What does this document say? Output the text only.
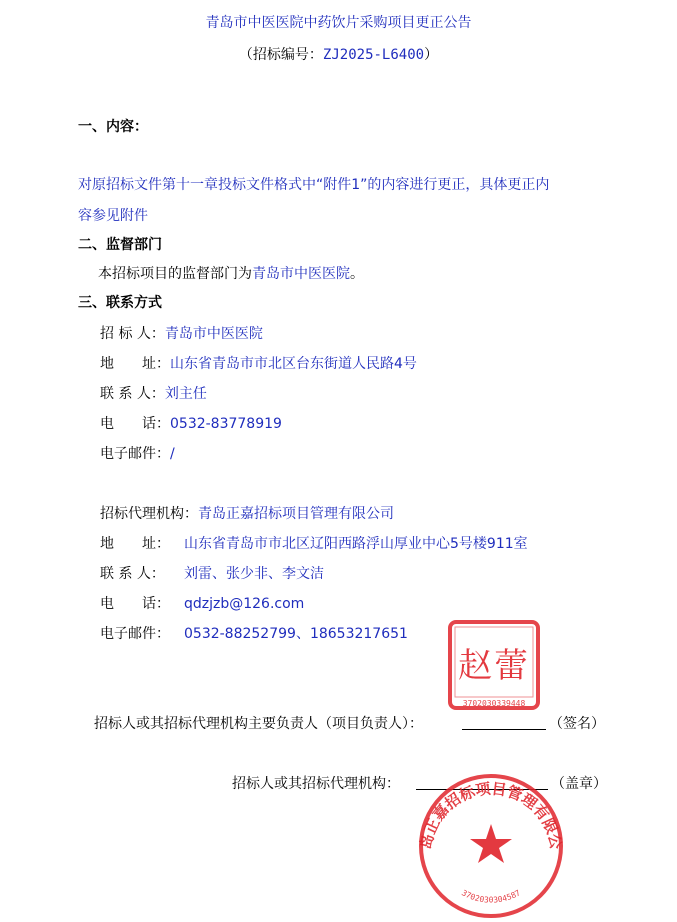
青岛市中医医院中药饮片采购项目更正公告
（招标编号：ZJ2025-L6400）
一、内容：
对原招标文件第十一章投标文件格式中“附件1”的内容进行更正，具体更正内
容参见附件
二、监督部门
本招标项目的监督部门为青岛市中医医院。
三、联系方式
招 标 人：青岛市中医医院
地　　址：山东省青岛市市北区台东街道人民路4号
联 系 人：刘主任
电　　话：0532-83778919
电子邮件：/
招标代理机构：青岛正嘉招标项目管理有限公司
地　　址： 山东省青岛市市北区辽阳西路浮山厚业中心5号楼911室
联 系 人： 刘雷、张少非、李文洁
电　　话： qdzjzb@126.com
电子邮件： 0532-88252799、18653217651
赵蕾
3702030339448
招标人或其招标代理机构主要负责人（项目负责人）：	（签名）
招标人或其招标代理机构：	（盖章）
岛正嘉招标项目管理有限公
3702030304587
